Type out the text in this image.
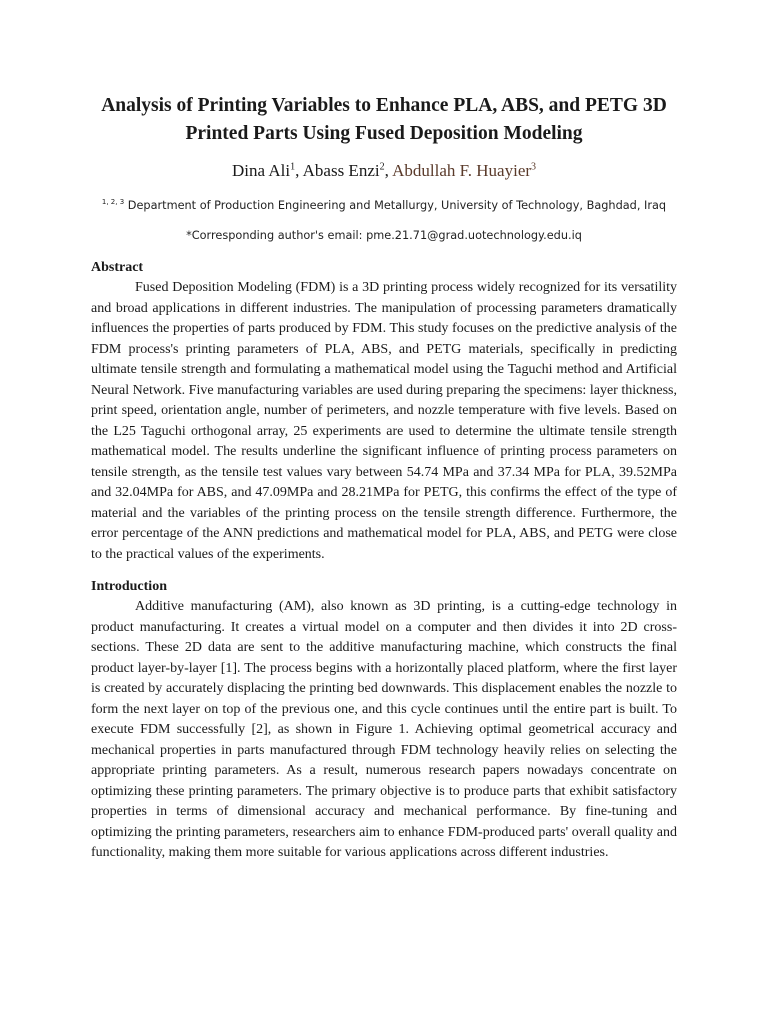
Analysis of Printing Variables to Enhance PLA, ABS, and PETG 3D Printed Parts Using Fused Deposition Modeling
Dina Ali$^1$, Abass Enzi$^2$, Abdullah F. Huayier$^3$
$^{1, 2, 3}$ Department of Production Engineering and Metallurgy, University of Technology, Baghdad, Iraq
*Corresponding author's email: pme.21.71@grad.uotechnology.edu.iq
Abstract

Fused Deposition Modeling (FDM) is a 3D printing process widely recognized for its versatility and broad applications in different industries. The manipulation of processing parameters dramatically influences the properties of parts produced by FDM. This study focuses on the predictive analysis of the FDM process's printing parameters of PLA, ABS, and PETG materials, specifically in predicting ultimate tensile strength and formulating a mathematical model using the Taguchi method and Artificial Neural Network. Five manufacturing variables are used during preparing the specimens: layer thickness, print speed, orientation angle, number of perimeters, and nozzle temperature with five levels. Based on the L25 Taguchi orthogonal array, 25 experiments are used to determine the ultimate tensile strength mathematical model. The results underline the significant influence of printing process parameters on tensile strength, as the tensile test values vary between 54.74 MPa and 37.34 MPa for PLA, 39.52MPa and 32.04MPa for ABS, and 47.09MPa and 28.21MPa for PETG, this confirms the effect of the type of material and the variables of the printing process on the tensile strength difference. Furthermore, the error percentage of the ANN predictions and mathematical model for PLA, ABS, and PETG were close to the practical values of the experiments.

Introduction

Additive manufacturing (AM), also known as 3D printing, is a cutting-edge technology in product manufacturing. It creates a virtual model on a computer and then divides it into 2D cross-sections. These 2D data are sent to the additive manufacturing machine, which constructs the final product layer-by-layer [1]. The process begins with a horizontally placed platform, where the first layer is created by accurately displacing the printing bed downwards. This displacement enables the nozzle to form the next layer on top of the previous one, and this cycle continues until the entire part is built. To execute FDM successfully [2], as shown in Figure 1. Achieving optimal geometrical accuracy and mechanical properties in parts manufactured through FDM technology heavily relies on selecting the appropriate printing parameters. As a result, numerous research papers nowadays concentrate on optimizing these printing parameters. The primary objective is to produce parts that exhibit satisfactory properties in terms of dimensional accuracy and mechanical performance. By fine-tuning and optimizing the printing parameters, researchers aim to enhance FDM-produced parts' overall quality and functionality, making them more suitable for various applications across different industries.
